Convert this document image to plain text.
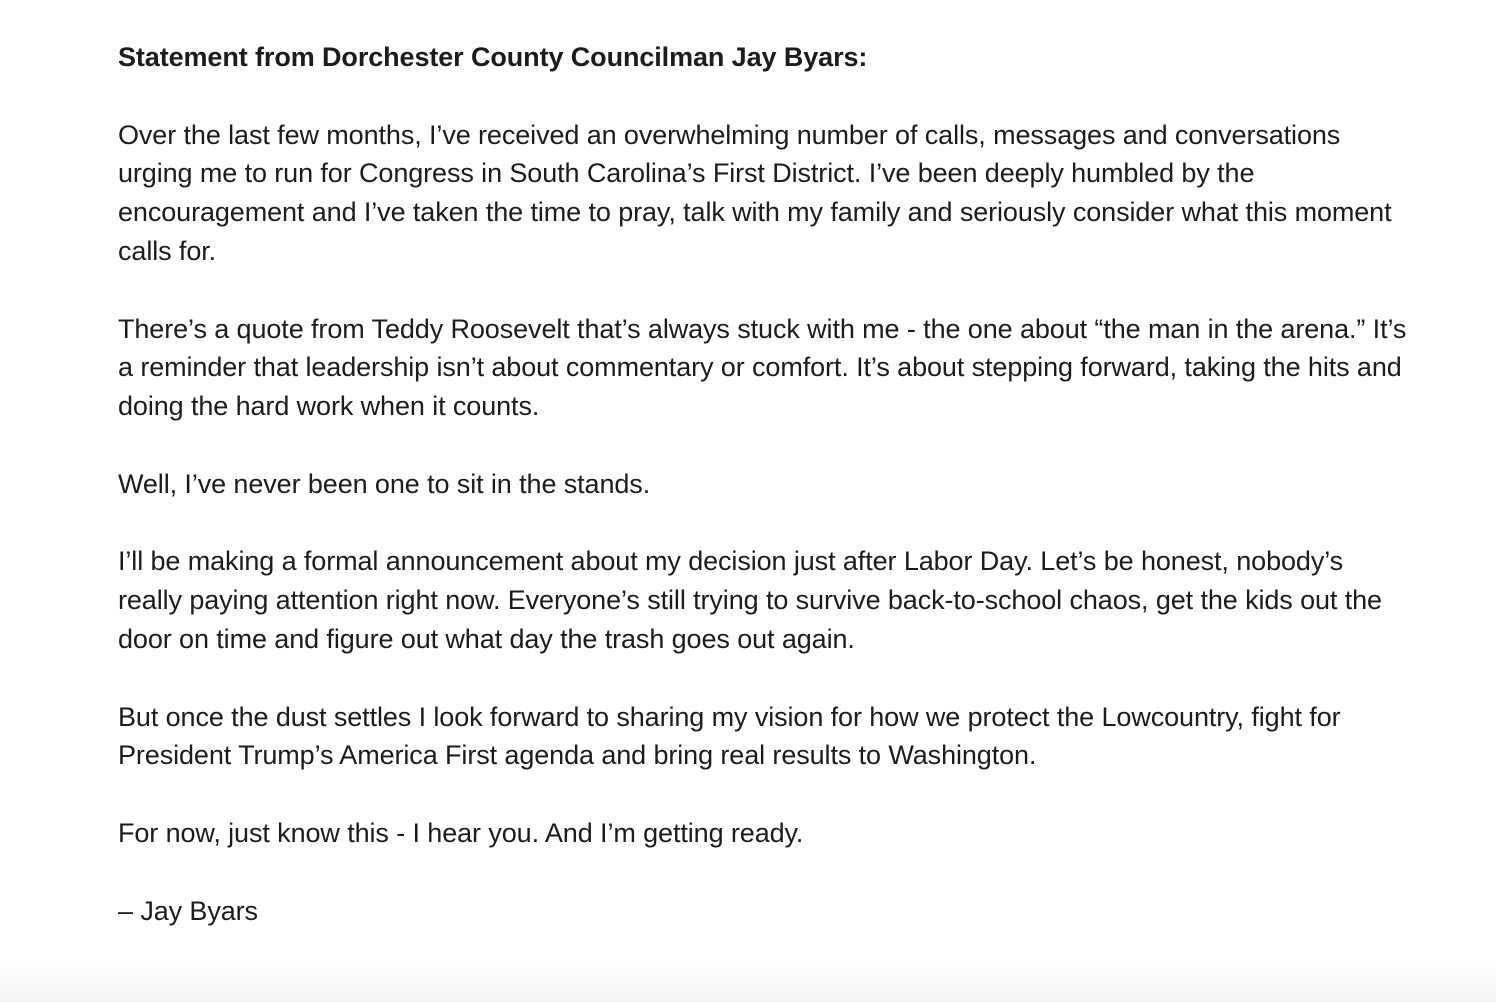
Statement from Dorchester County Councilman Jay Byars:

Over the last few months, I’ve received an overwhelming number of calls, messages and conversations urging me to run for Congress in South Carolina’s First District. I’ve been deeply humbled by the encouragement and I’ve taken the time to pray, talk with my family and seriously consider what this moment calls for.

There’s a quote from Teddy Roosevelt that’s always stuck with me - the one about “the man in the arena.” It’s a reminder that leadership isn’t about commentary or comfort. It’s about stepping forward, taking the hits and doing the hard work when it counts.

Well, I’ve never been one to sit in the stands.

I’ll be making a formal announcement about my decision just after Labor Day. Let’s be honest, nobody’s really paying attention right now. Everyone’s still trying to survive back-to-school chaos, get the kids out the door on time and figure out what day the trash goes out again.

But once the dust settles I look forward to sharing my vision for how we protect the Lowcountry, fight for President Trump’s America First agenda and bring real results to Washington.

For now, just know this - I hear you. And I’m getting ready.

– Jay Byars
